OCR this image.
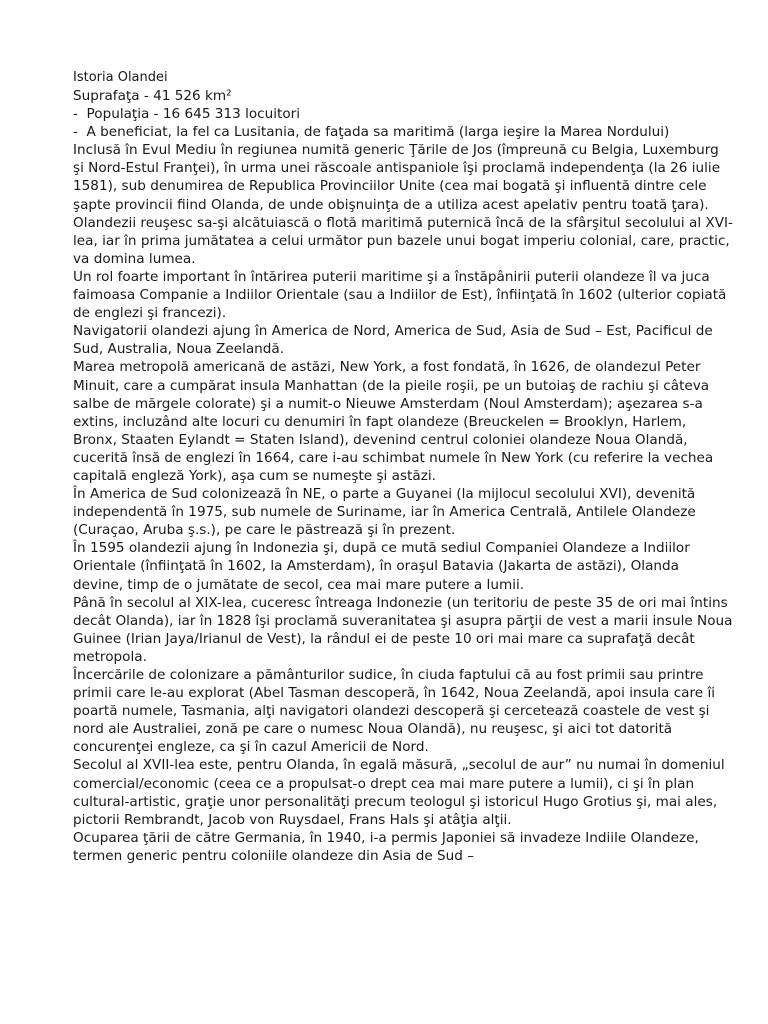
Istoria Olandei

Suprafaţa - 41 526 km²

-  Populaţia - 16 645 313 locuitori

-  A beneficiat, la fel ca Lusitania, de faţada sa maritimă (larga ieşire la Marea Nordului)

Inclusă în Evul Mediu în regiunea numită generic Ţările de Jos (împreună cu Belgia, Luxemburg şi Nord-Estul Franţei), în urma unei răscoale antispaniole îşi proclamă independenţa (la 26 iulie 1581), sub denumirea de Republica Provinciilor Unite (cea mai bogată şi influentă dintre cele şapte provincii fiind Olanda, de unde obişnuinţa de a utiliza acest apelativ pentru toată ţara).

Olandezii reuşesc sa-şi alcătuiască o flotă maritimă puternică încă de la sfârşitul secolului al XVI-lea, iar în prima jumătatea a celui următor pun bazele unui bogat imperiu colonial, care, practic, va domina lumea.

Un rol foarte important în întărirea puterii maritime şi a înstăpânirii puterii olandeze îl va juca faimoasa Companie a Indiilor Orientale (sau a Indiilor de Est), înfiinţată în 1602 (ulterior copiată de englezi şi francezi).

Navigatorii olandezi ajung în America de Nord, America de Sud, Asia de Sud – Est, Pacificul de Sud, Australia, Noua Zeelandă.

Marea metropolă americană de astăzi, New York, a fost fondată, în 1626, de olandezul Peter Minuit, care a cumpărat insula Manhattan (de la pieile roşii, pe un butoiaş de rachiu şi câteva salbe de mărgele colorate) şi a numit-o Nieuwe Amsterdam (Noul Amsterdam); aşezarea s-a extins, incluzând alte locuri cu denumiri în fapt olandeze (Breuckelen = Brooklyn, Harlem, Bronx, Staaten Eylandt = Staten Island), devenind centrul coloniei olandeze Noua Olandă, cucerită însă de englezi în 1664, care i-au schimbat numele în New York (cu referire la vechea capitală engleză York), aşa cum se numeşte şi astăzi.

În America de Sud colonizează în NE, o parte a Guyanei (la mijlocul secolului XVI), devenită independentă în 1975, sub numele de Suriname, iar în America Centrală, Antilele Olandeze (Curaçao, Aruba ş.s.), pe care le păstrează şi în prezent.

În 1595 olandezii ajung în Indonezia şi, după ce mută sediul Companiei Olandeze a Indiilor Orientale (înfiinţată în 1602, la Amsterdam), în oraşul Batavia (Jakarta de astăzi), Olanda devine, timp de o jumătate de secol, cea mai mare putere a lumii.

Până în secolul al XIX-lea, cuceresc întreaga Indonezie (un teritoriu de peste 35 de ori mai întins decât Olanda), iar în 1828 îşi proclamă suveranitatea şi asupra părţii de vest a marii insule Noua Guinee (Irian Jaya/Irianul de Vest), la rândul ei de peste 10 ori mai mare ca suprafaţă decât metropola.

Încercările de colonizare a pământurilor sudice, în ciuda faptului că au fost primii sau printre primii care le-au explorat (Abel Tasman descoperă, în 1642, Noua Zeelandă, apoi insula care îi poartă numele, Tasmania, alţi navigatori olandezi descoperă şi cercetează coastele de vest şi nord ale Australiei, zonă pe care o numesc Noua Olandă), nu reuşesc, şi aici tot datorită concurenţei engleze, ca şi în cazul Americii de Nord.

Secolul al XVII-lea este, pentru Olanda, în egală măsură, „secolul de aur” nu numai în domeniul  comercial/economic (ceea ce a propulsat-o drept cea mai mare putere a lumii), ci şi în plan cultural-artistic, graţie unor personalităţi precum teologul şi istoricul Hugo Grotius şi, mai ales, pictorii Rembrandt, Jacob von Ruysdael, Frans Hals şi atâţia alţii.

Ocuparea ţării de către Germania, în 1940, i-a permis Japoniei să invadeze Indiile Olandeze, termen generic pentru coloniile olandeze din Asia de Sud –
